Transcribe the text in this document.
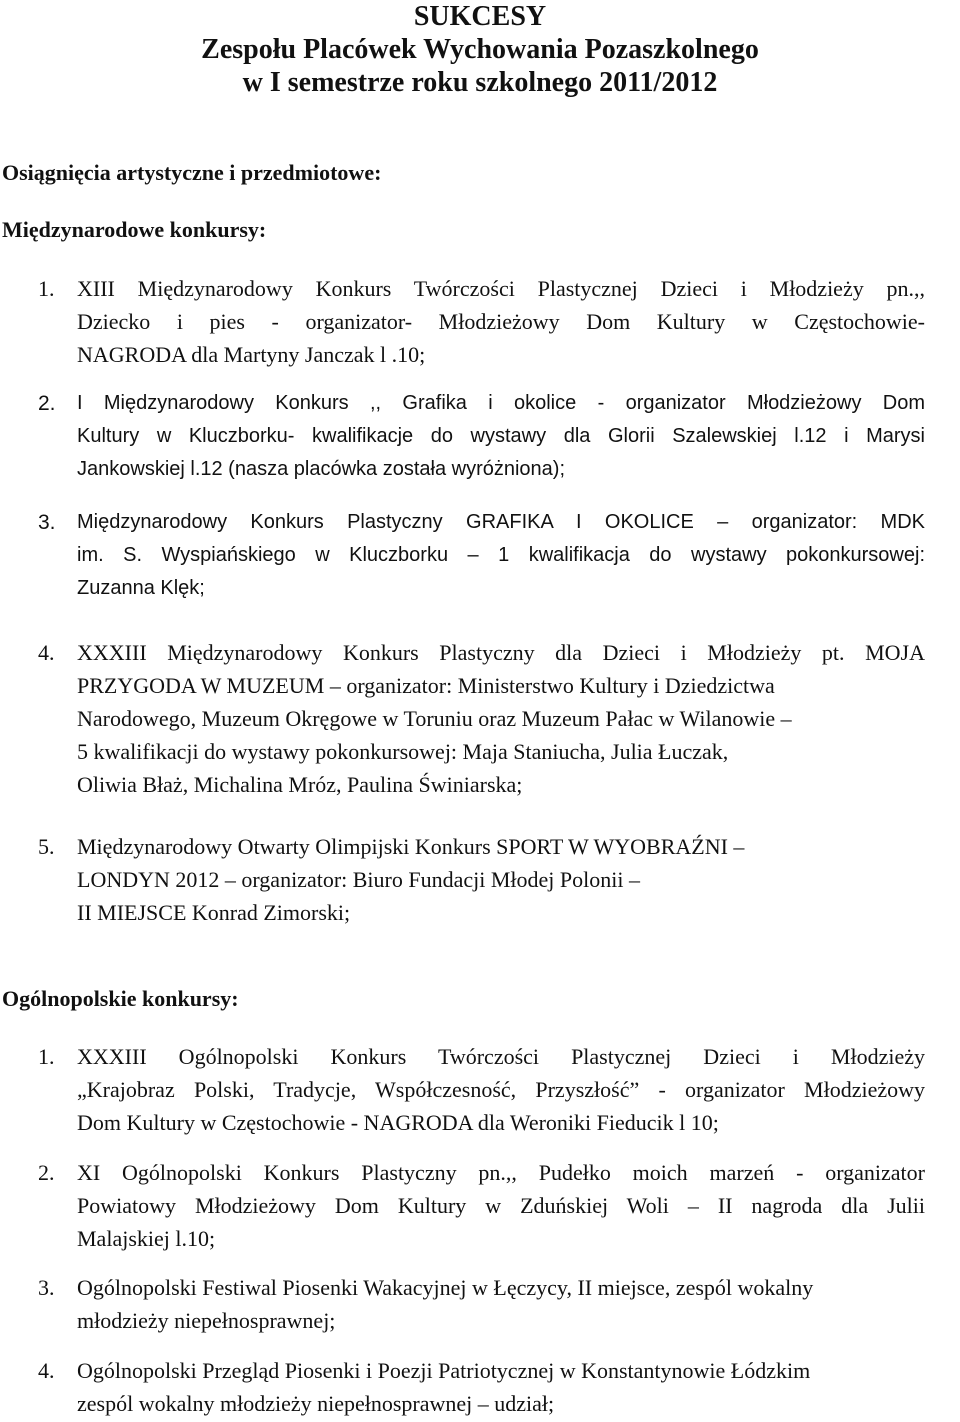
SUKCESY
Zespołu Placówek Wychowania Pozaszkolnego
w I semestrze roku szkolnego 2011/2012
Osiągnięcia artystyczne i przedmiotowe:
Międzynarodowe konkursy:
1. XIII Międzynarodowy Konkurs Twórczości Plastycznej Dzieci i Młodzieży pn.,,
Dziecko i pies - organizator- Młodzieżowy Dom Kultury w Częstochowie-
NAGRODA dla Martyny Janczak l .10;
2. I Międzynarodowy Konkurs ,, Grafika i okolice - organizator Młodzieżowy Dom
Kultury w Kluczborku- kwalifikacje do wystawy dla Glorii Szalewskiej l.12 i Marysi
Jankowskiej l.12 (nasza placówka została wyróżniona);
3. Międzynarodowy Konkurs Plastyczny GRAFIKA I OKOLICE – organizator: MDK
im. S. Wyspiańskiego w Kluczborku – 1 kwalifikacja do wystawy pokonkursowej:
Zuzanna Klęk;
4. XXXIII Międzynarodowy Konkurs Plastyczny dla Dzieci i Młodzieży pt. MOJA
PRZYGODA W MUZEUM – organizator: Ministerstwo Kultury i Dziedzictwa
Narodowego, Muzeum Okręgowe w Toruniu oraz Muzeum Pałac w Wilanowie –
5 kwalifikacji do wystawy pokonkursowej: Maja Staniucha, Julia Łuczak,
Oliwia Błaż, Michalina Mróz, Paulina Świniarska;
5. Międzynarodowy Otwarty Olimpijski Konkurs SPORT W WYOBRAŹNI –
LONDYN 2012 – organizator: Biuro Fundacji Młodej Polonii –
II MIEJSCE Konrad Zimorski;
Ogólnopolskie konkursy:
1. XXXIII Ogólnopolski Konkurs Twórczości Plastycznej Dzieci i Młodzieży
„Krajobraz Polski, Tradycje, Współczesność, Przyszłość” - organizator Młodzieżowy
Dom Kultury w Częstochowie - NAGRODA dla Weroniki Fieducik l 10;
2. XI Ogólnopolski Konkurs Plastyczny pn.,, Pudełko moich marzeń - organizator
Powiatowy Młodzieżowy Dom Kultury w Zduńskiej Woli – II nagroda dla Julii
Malajskiej l.10;
3. Ogólnopolski Festiwal Piosenki Wakacyjnej w Łęczycy, II miejsce, zespól wokalny
młodzieży niepełnosprawnej;
4. Ogólnopolski Przegląd Piosenki i Poezji Patriotycznej w Konstantynowie Łódzkim
zespól wokalny młodzieży niepełnosprawnej – udział;
